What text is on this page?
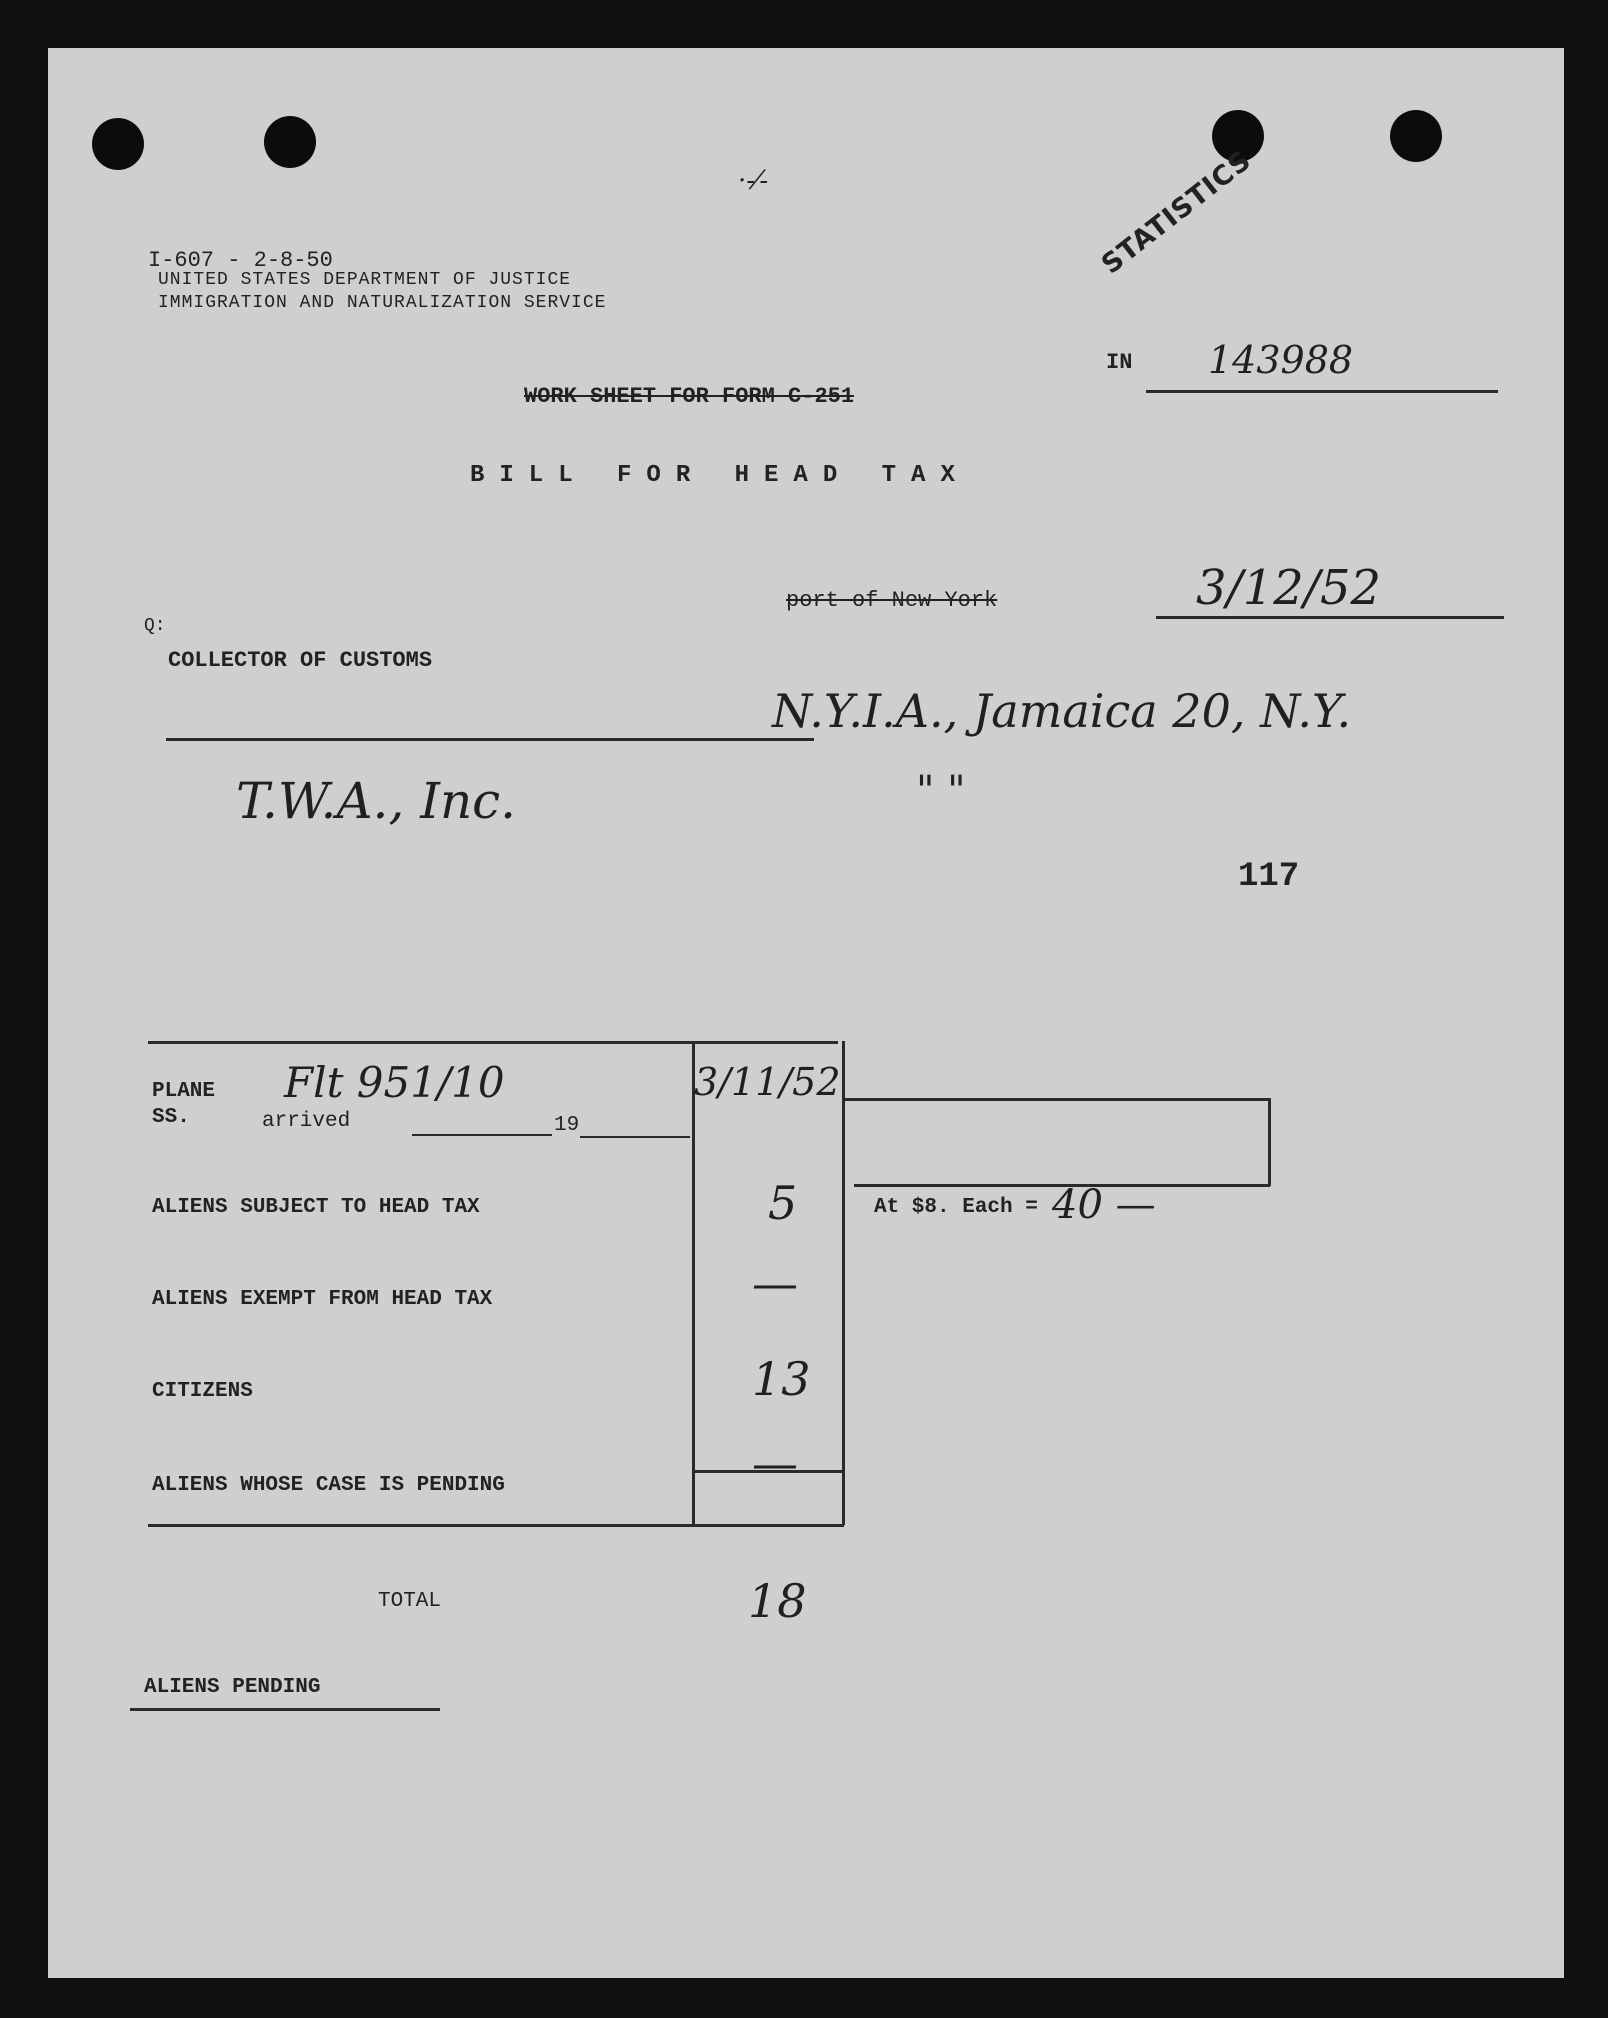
·-⁄-
I-607 - 2-8-50
UNITED STATES DEPARTMENT OF JUSTICE
IMMIGRATION AND NATURALIZATION SERVICE
STATISTICS
IN 143988
WORK SHEET FOR FORM C-251
BILL FOR HEAD TAX
port of New York	3/12/52
Q:
COLLECTOR OF CUSTOMS
N.Y.I.A., Jamaica 20, N.Y.
T.W.A., Inc.	" "
117
PLANE
SS.
Flt 951/10
arrived	19
3/11/52
ALIENS SUBJECT TO HEAD TAX	5
ALIENS EXEMPT FROM HEAD TAX	—
CITIZENS	13
ALIENS WHOSE CASE IS PENDING	—
TOTAL	18
At $8. Each = 40 —
ALIENS PENDING
